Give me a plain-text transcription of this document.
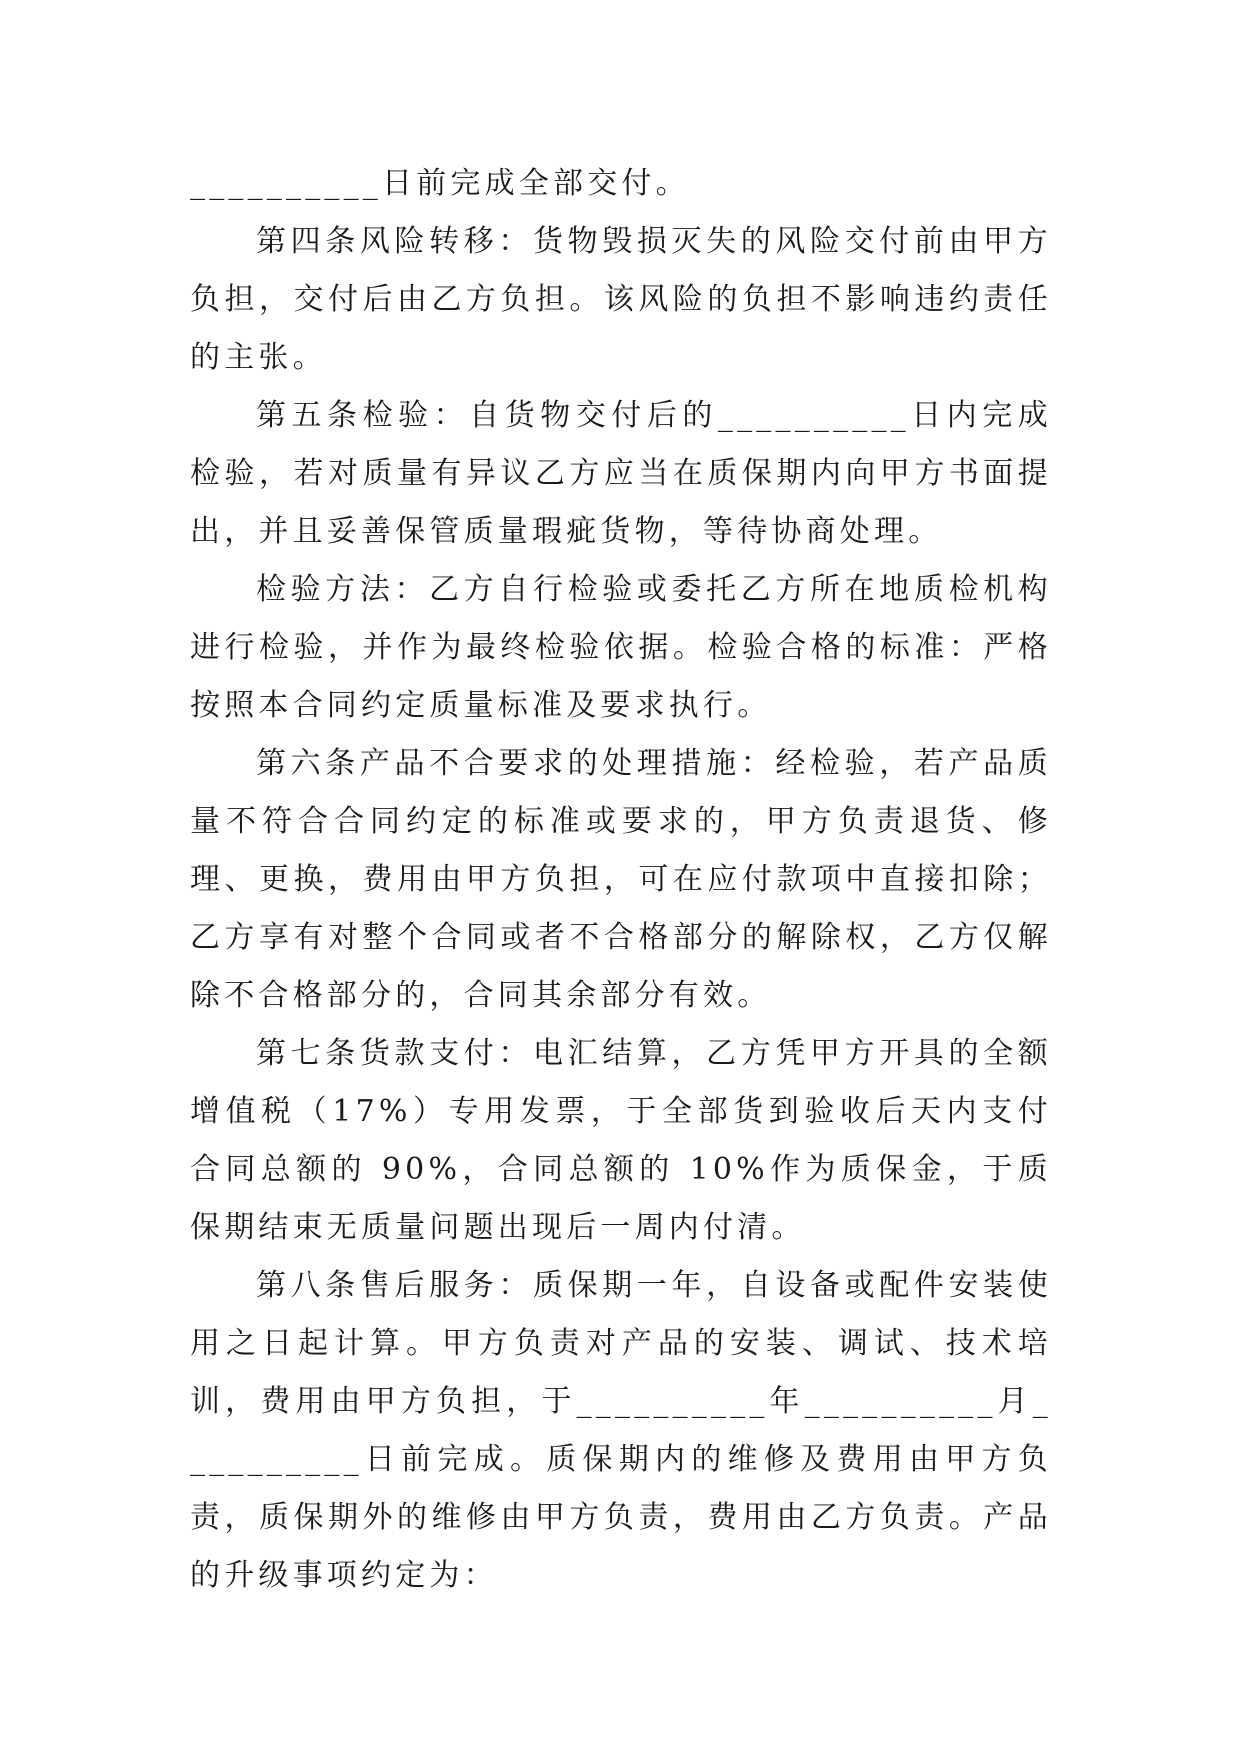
__________日前完成全部交付。

第四条风险转移：货物毁损灭失的风险交付前由甲方负担，交付后由乙方负担。该风险的负担不影响违约责任的主张。

第五条检验：自货物交付后的__________日内完成检验，若对质量有异议乙方应当在质保期内向甲方书面提出，并且妥善保管质量瑕疵货物，等待协商处理。

检验方法：乙方自行检验或委托乙方所在地质检机构进行检验，并作为最终检验依据。检验合格的标准：严格按照本合同约定质量标准及要求执行。

第六条产品不合要求的处理措施：经检验，若产品质量不符合合同约定的标准或要求的，甲方负责退货、修理、更换，费用由甲方负担，可在应付款项中直接扣除；乙方享有对整个合同或者不合格部分的解除权，乙方仅解除不合格部分的，合同其余部分有效。

第七条货款支付：电汇结算，乙方凭甲方开具的全额增值税（17%）专用发票，于全部货到验收后天内支付合同总额的 90%，合同总额的 10%作为质保金，于质保期结束无质量问题出现后一周内付清。

第八条售后服务：质保期一年，自设备或配件安装使用之日起计算。甲方负责对产品的安装、调试、技术培训，费用由甲方负担，于__________年__________月__________日前完成。质保期内的维修及费用由甲方负责，质保期外的维修由甲方负责，费用由乙方负责。产品的升级事项约定为：
